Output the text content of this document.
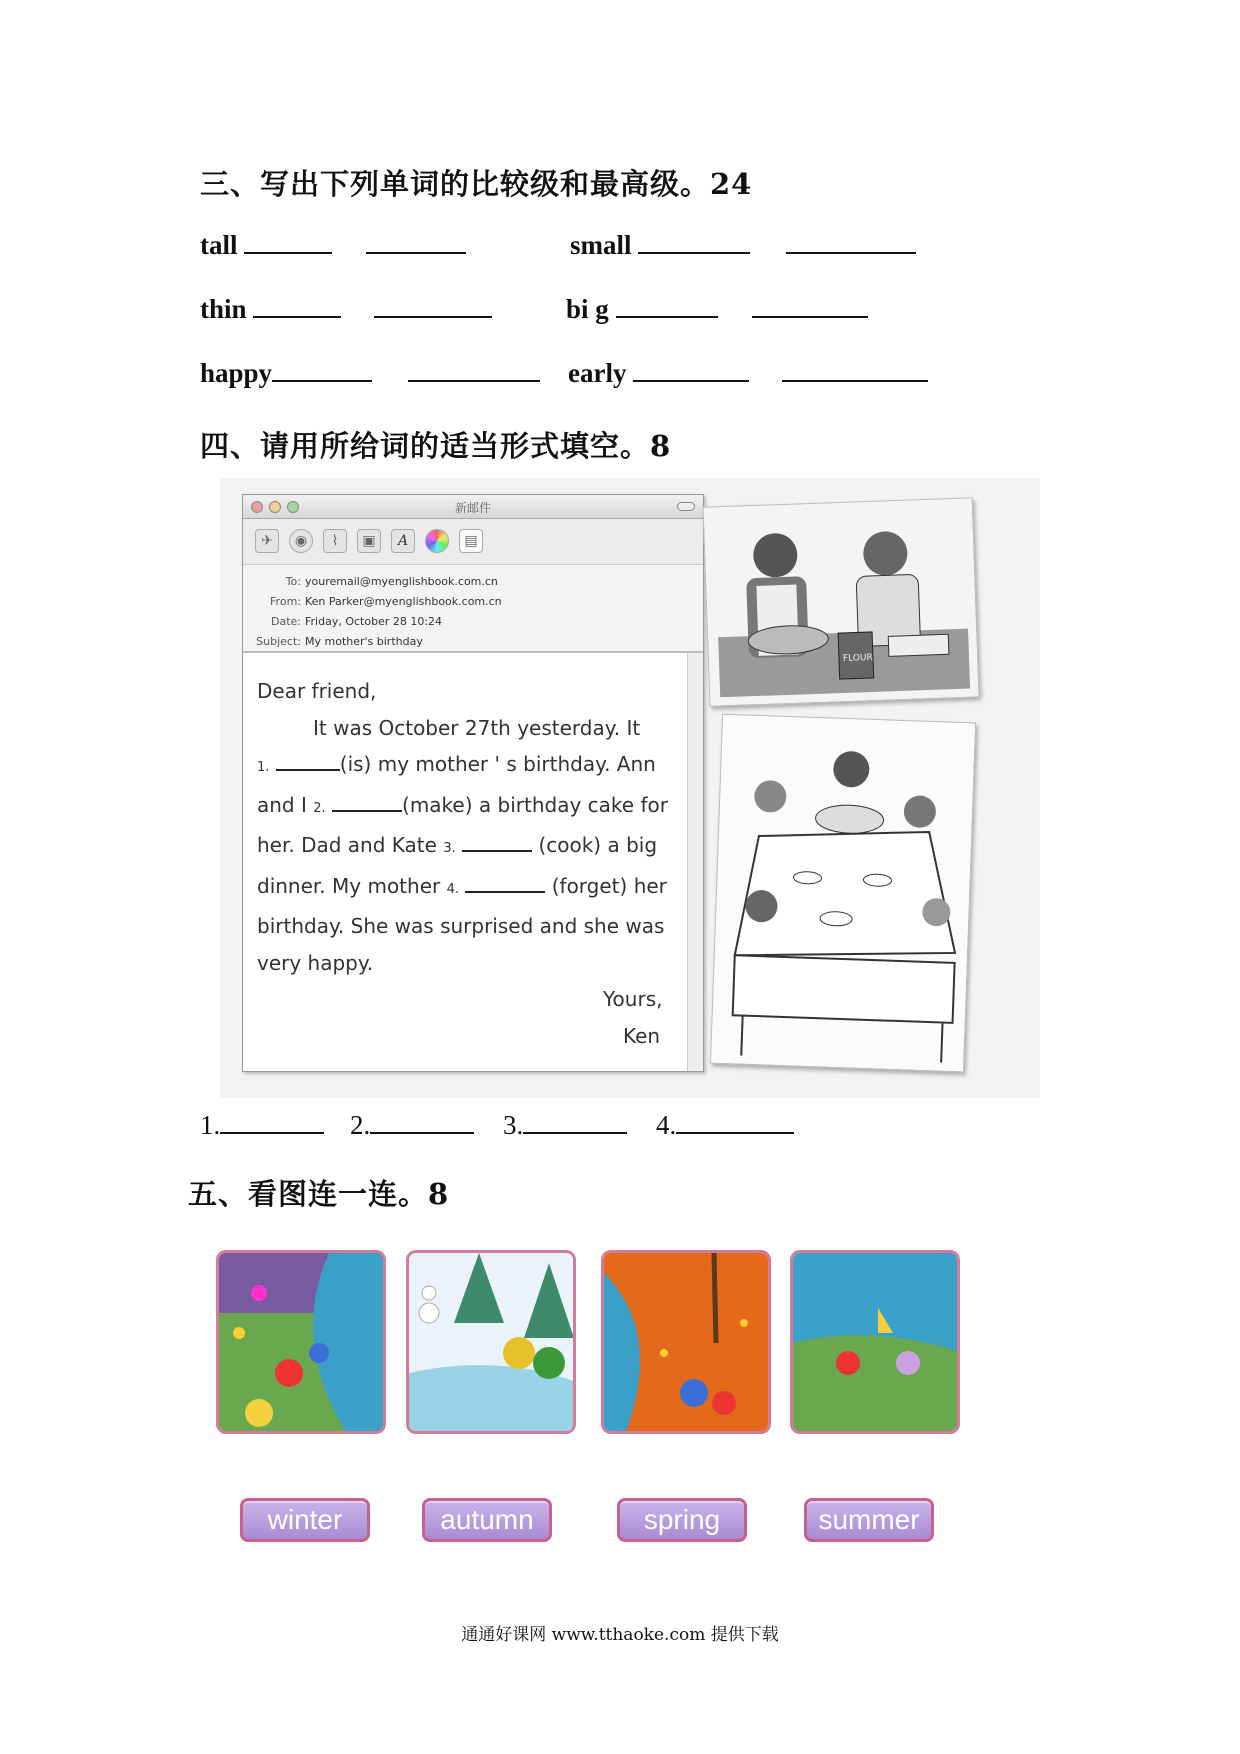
三、写出下列单词的比较级和最高级。24
tall	small
thin	bi g
happy	early
四、请用所给词的适当形式填空。8
新邮件
✈	◉	⌇	▣	A	▤
To: youremail@myenglishbook.com.cn
From: Ken Parker@myenglishbook.com.cn
Date: Friday, October 28 10:24
Subject: My mother's birthday
Dear friend,
It was October 27th yesterday. It
1.	(is) my mother ' s birthday. Ann
and I 2.	(make) a birthday cake for
her. Dad and Kate 3.	(cook) a big
dinner. My mother 4.	(forget) her
birthday. She was surprised and she was
very happy.
Yours,
Ken
FLOUR
1.	2.	3.	4.
五、看图连一连。8
winter	autumn	spring	summer
通通好课网 www.tthaoke.com 提供下载
